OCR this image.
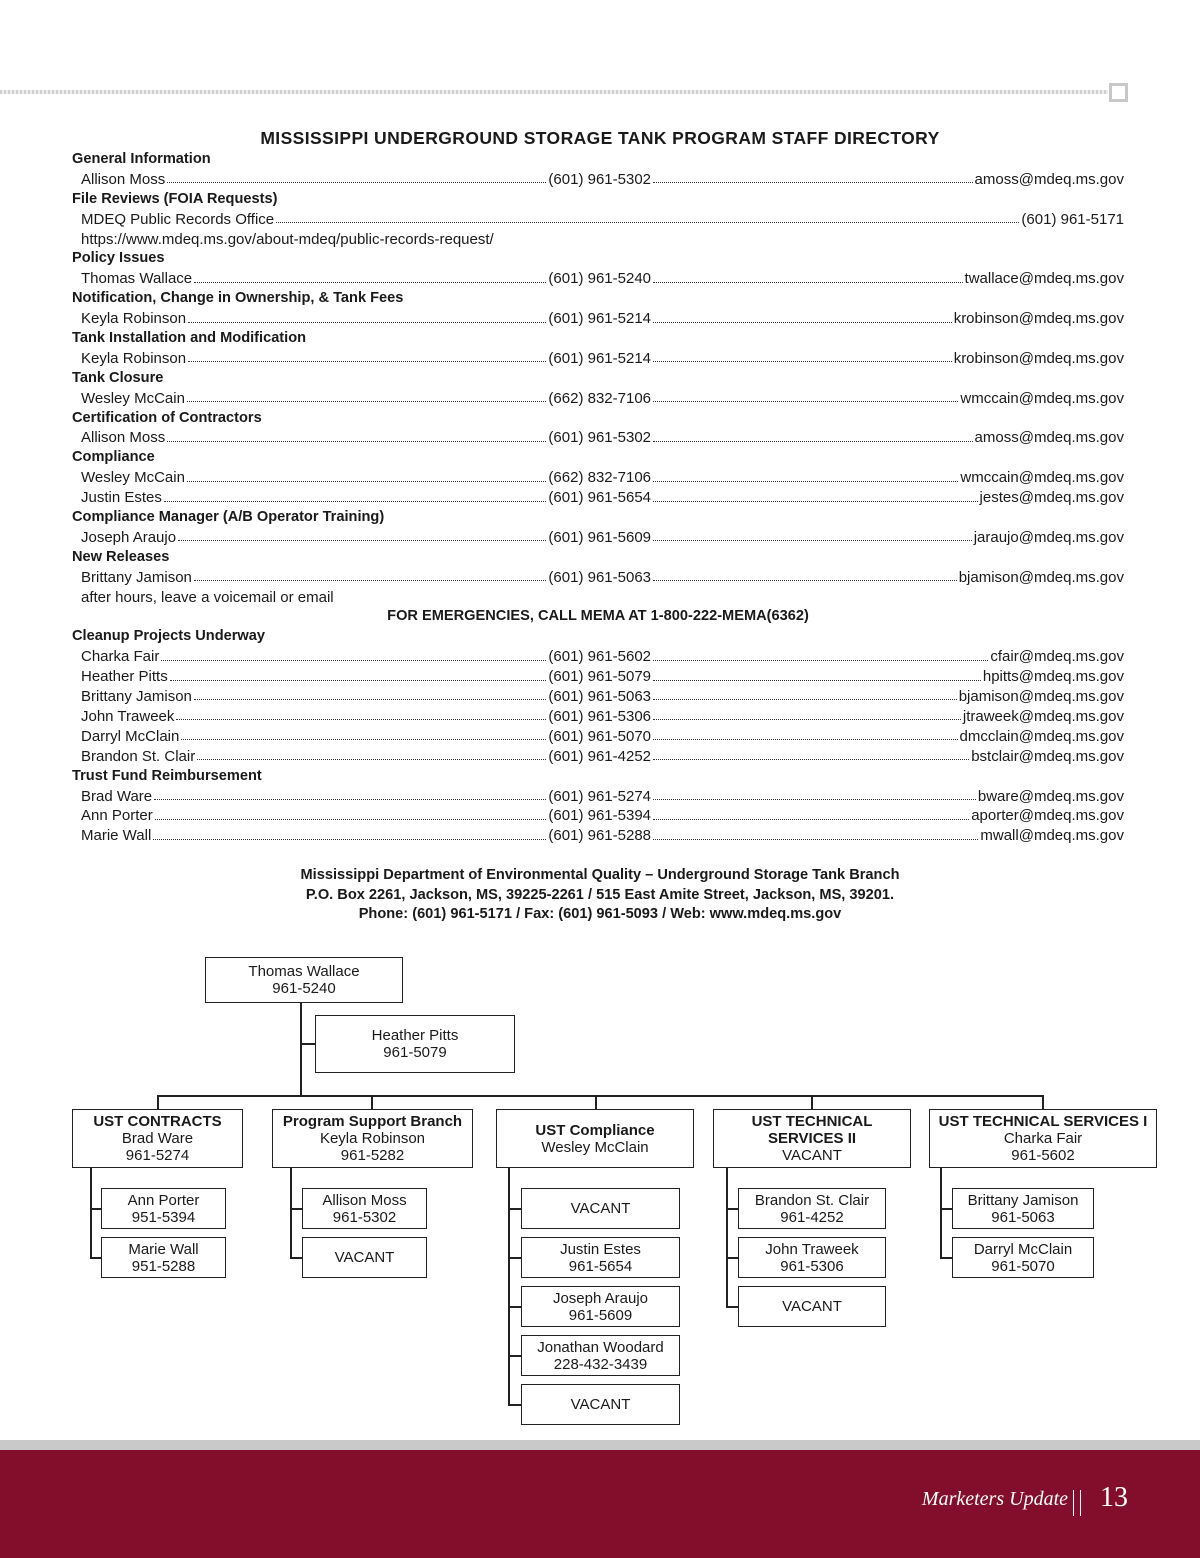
MISSISSIPPI UNDERGROUND STORAGE TANK PROGRAM STAFF DIRECTORY
General Information
Allison Moss	(601) 961-5302	amoss@mdeq.ms.gov
File Reviews (FOIA Requests)
MDEQ Public Records Office	(601) 961-5171
https://www.mdeq.ms.gov/about-mdeq/public-records-request/
Policy Issues
Thomas Wallace	(601) 961-5240	twallace@mdeq.ms.gov
Notification, Change in Ownership, & Tank Fees
Keyla Robinson	(601) 961-5214	krobinson@mdeq.ms.gov
Tank Installation and Modification
Keyla Robinson	(601) 961-5214	krobinson@mdeq.ms.gov
Tank Closure
Wesley McCain	(662) 832-7106	wmccain@mdeq.ms.gov
Certification of Contractors
Allison Moss	(601) 961-5302	amoss@mdeq.ms.gov
Compliance
Wesley McCain	(662) 832-7106	wmccain@mdeq.ms.gov
Justin Estes	(601) 961-5654	jestes@mdeq.ms.gov
Compliance Manager (A/B Operator Training)
Joseph Araujo	(601) 961-5609	jaraujo@mdeq.ms.gov
New Releases
Brittany Jamison	(601) 961-5063	bjamison@mdeq.ms.gov
after hours, leave a voicemail or email
FOR EMERGENCIES, CALL MEMA AT 1-800-222-MEMA(6362)
Cleanup Projects Underway
Charka Fair	(601) 961-5602	cfair@mdeq.ms.gov
Heather Pitts	(601) 961-5079	hpitts@mdeq.ms.gov
Brittany Jamison	(601) 961-5063	bjamison@mdeq.ms.gov
John Traweek	(601) 961-5306	jtraweek@mdeq.ms.gov
Darryl McClain	(601) 961-5070	dmcclain@mdeq.ms.gov
Brandon St. Clair	(601) 961-4252	bstclair@mdeq.ms.gov
Trust Fund Reimbursement
Brad Ware	(601) 961-5274	bware@mdeq.ms.gov
Ann Porter	(601) 961-5394	aporter@mdeq.ms.gov
Marie Wall	(601) 961-5288	mwall@mdeq.ms.gov
Mississippi Department of Environmental Quality – Underground Storage Tank Branch
P.O. Box 2261, Jackson, MS, 39225-2261 / 515 East Amite Street, Jackson, MS, 39201.
Phone: (601) 961-5171 / Fax: (601) 961-5093 / Web: www.mdeq.ms.gov
Thomas Wallace
961-5240
Heather Pitts
961-5079
UST CONTRACTS
Brad Ware
961-5274
Ann Porter
951-5394
Marie Wall
951-5288
Program Support Branch
Keyla Robinson
961-5282
Allison Moss
961-5302
VACANT
UST Compliance
Wesley McClain
VACANT
Justin Estes
961-5654
Joseph Araujo
961-5609
Jonathan Woodard
228-432-3439
VACANT
UST TECHNICAL SERVICES II
VACANT
Brandon St. Clair
961-4252
John Traweek
961-5306
VACANT
UST TECHNICAL SERVICES I
Charka Fair
961-5602
Brittany Jamison
961-5063
Darryl McClain
961-5070
Marketers Update 13
